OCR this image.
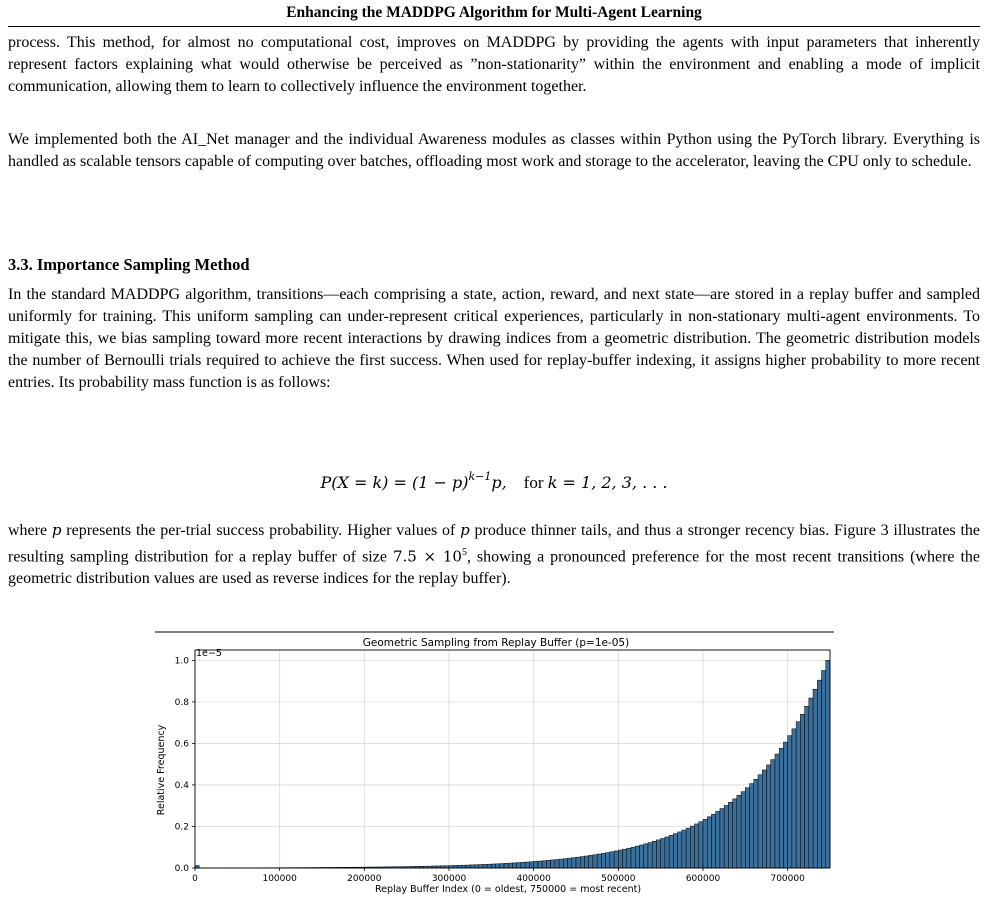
Enhancing the MADDPG Algorithm for Multi-Agent Learning

process. This method, for almost no computational cost, improves on MADDPG by providing the agents with input parameters that inherently represent factors explaining what would otherwise be perceived as ”non-stationarity” within the environment and enabling a mode of implicit communication, allowing them to learn to collectively influence the environment together.

We implemented both the AI_Net manager and the individual Awareness modules as classes within Python using the PyTorch library. Everything is handled as scalable tensors capable of computing over batches, offloading most work and storage to the accelerator, leaving the CPU only to schedule.

3.3. Importance Sampling Method

In the standard MADDPG algorithm, transitions—each comprising a state, action, reward, and next state—are stored in a replay buffer and sampled uniformly for training. This uniform sampling can under-represent critical experiences, particularly in non-stationary multi-agent environments. To mitigate this, we bias sampling toward more recent interactions by drawing indices from a geometric distribution. The geometric distribution models the number of Bernoulli trials required to achieve the first success. When used for replay-buffer indexing, it assigns higher probability to more recent entries. Its probability mass function is as follows:

$P(X = k) = (1 - p)^{k-1}p$, for k = 1, 2, 3, . . .

where p represents the per-trial success probability. Higher values of p produce thinner tails, and thus a stronger recency bias. Figure 3 illustrates the resulting sampling distribution for a replay buffer of size $7.5 \times 10^5$, showing a pronounced preference for the most recent transitions (where the geometric distribution values are used as reverse indices for the replay buffer).

Geometric Sampling from Replay Buffer (p=1e-05)
1e−5
0	100000	200000	300000	400000	500000	600000	700000
0.0
0.2
0.4
0.6
0.8
1.0
Replay Buffer Index (0 = oldest, 750000 = most recent)
Relative Frequency
